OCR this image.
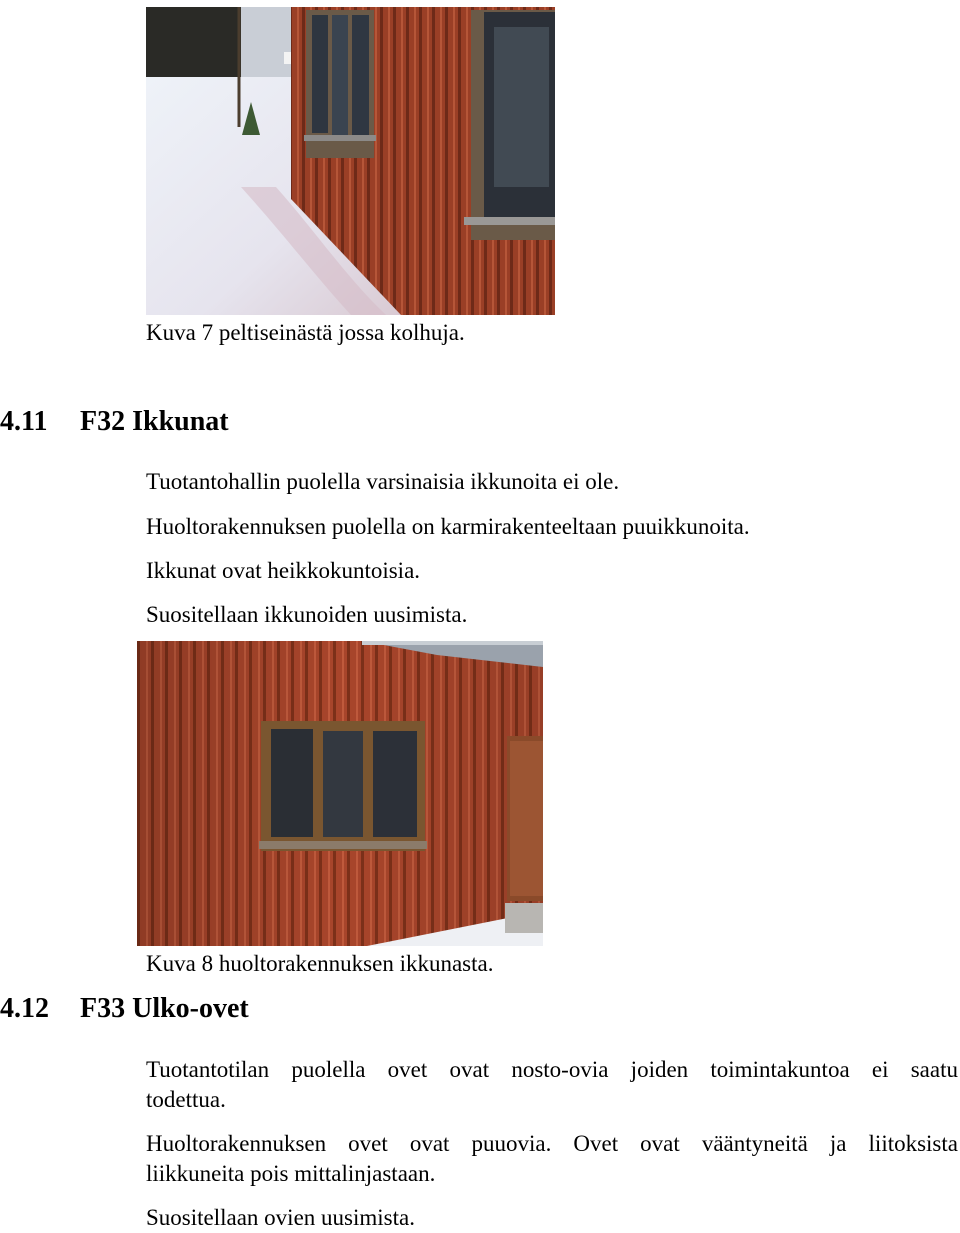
Kuva 7 peltiseinästä jossa kolhuja.
4.11 F32 Ikkunat
Tuotantohallin puolella varsinaisia ikkunoita ei ole.
Huoltorakennuksen puolella on karmirakenteeltaan puuikkunoita.
Ikkunat ovat heikkokuntoisia.
Suositellaan ikkunoiden uusimista.
Kuva 8 huoltorakennuksen ikkunasta.
4.12 F33 Ulko-ovet
Tuotantotilan puolella ovet ovat nosto-ovia joiden toimintakuntoa ei saatu
todettua.
Huoltorakennuksen ovet ovat puuovia. Ovet ovat vääntyneitä ja liitoksista
liikkuneita pois mittalinjastaan.
Suositellaan ovien uusimista.
